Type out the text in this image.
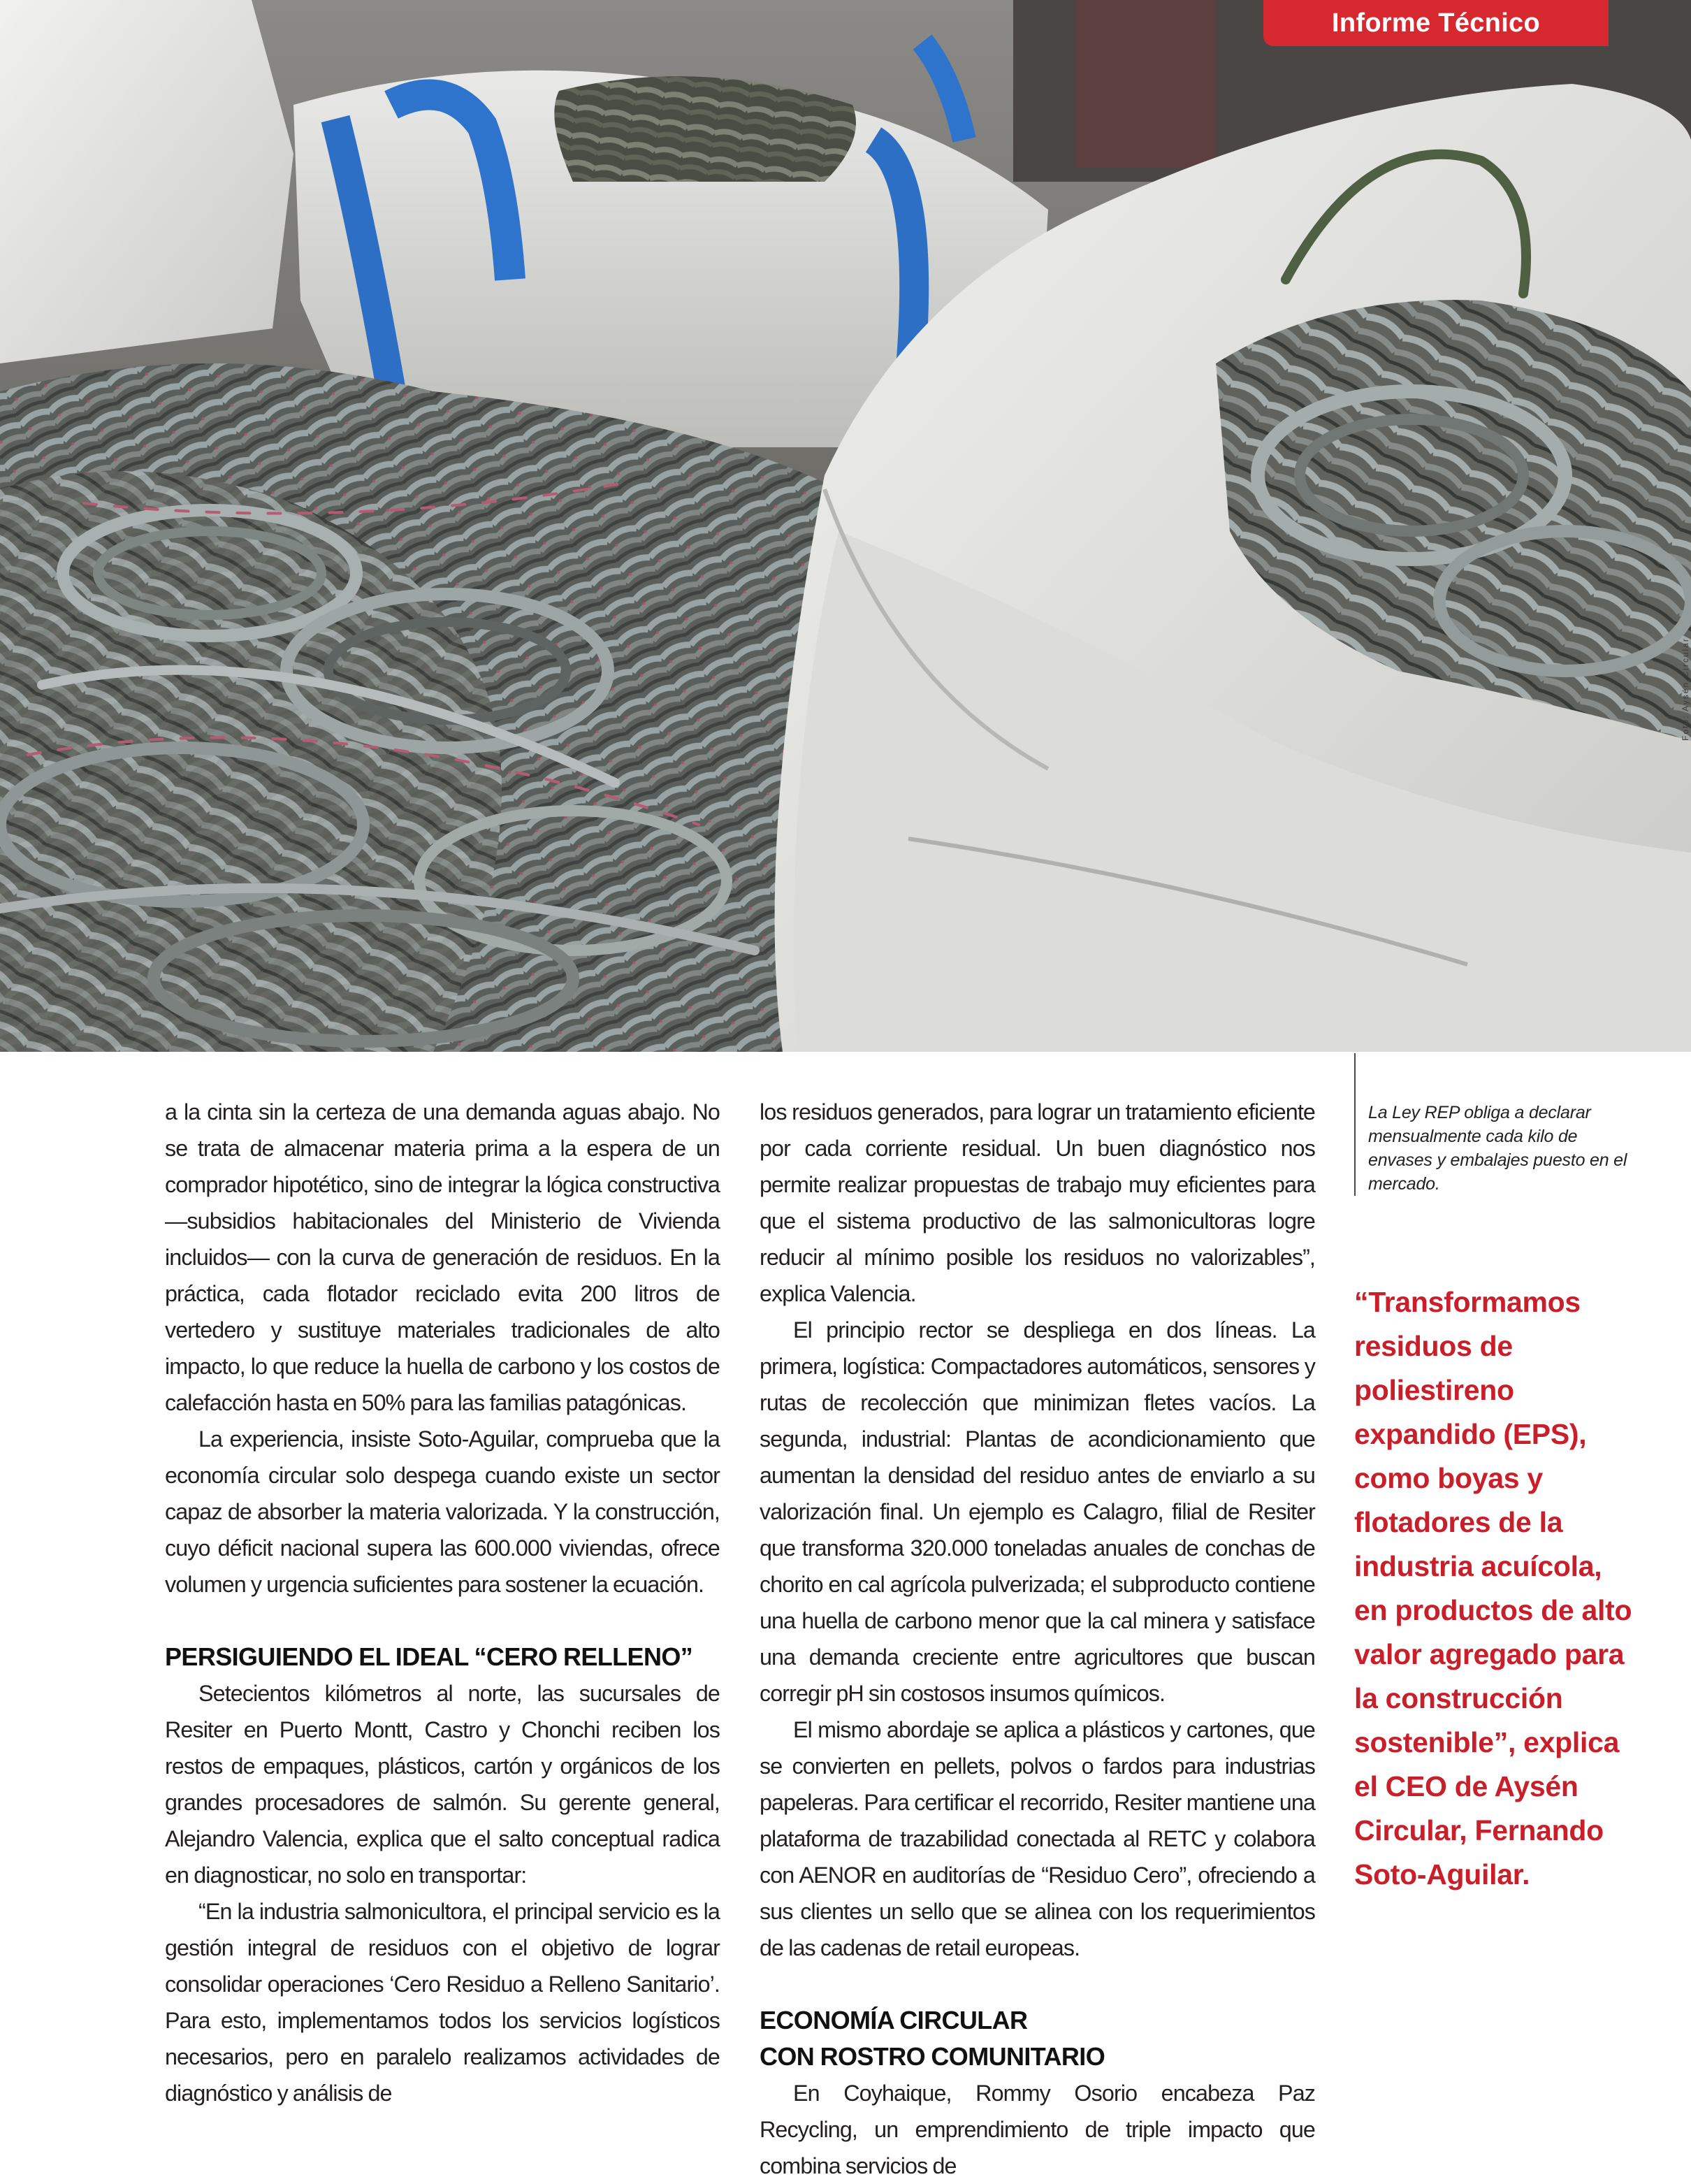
Informe Técnico
Foto: Aysén Circular

a la cinta sin la certeza de una demanda aguas abajo. No se trata de almacenar materia prima a la espera de un comprador hipotético, sino de integrar la lógica constructiva —subsidios habitacionales del Ministerio de Vivienda incluidos— con la curva de generación de residuos. En la práctica, cada flotador reciclado evita 200 litros de vertedero y sustituye materiales tradicionales de alto impacto, lo que reduce la huella de carbono y los costos de calefacción hasta en 50% para las familias patagónicas.

La experiencia, insiste Soto-Aguilar, comprueba que la economía circular solo despega cuando existe un sector capaz de absorber la materia valorizada. Y la construcción, cuyo déficit nacional supera las 600.000 viviendas, ofrece volumen y urgencia suficientes para sostener la ecuación.

PERSIGUIENDO EL IDEAL “CERO RELLENO”

Setecientos kilómetros al norte, las sucursales de Resiter en Puerto Montt, Castro y Chonchi reciben los restos de empaques, plásticos, cartón y orgánicos de los grandes procesadores de salmón. Su gerente general, Alejandro Valencia, explica que el salto conceptual radica en diagnosticar, no solo en transportar:

“En la industria salmonicultora, el principal servicio es la gestión integral de residuos con el objetivo de lograr consolidar operaciones ‘Cero Residuo a Relleno Sanitario’. Para esto, implementamos todos los servicios logísticos necesarios, pero en paralelo realizamos actividades de diagnóstico y análisis de

los residuos generados, para lograr un tratamiento eficiente por cada corriente residual. Un buen diagnóstico nos permite realizar propuestas de trabajo muy eficientes para que el sistema productivo de las salmonicultoras logre reducir al mínimo posible los residuos no valorizables”, explica Valencia.

El principio rector se despliega en dos líneas. La primera, logística: Compactadores automáticos, sensores y rutas de recolección que minimizan fletes vacíos. La segunda, industrial: Plantas de acondicionamiento que aumentan la densidad del residuo antes de enviarlo a su valorización final. Un ejemplo es Calagro, filial de Resiter que transforma 320.000 toneladas anuales de conchas de chorito en cal agrícola pulverizada; el subproducto contiene una huella de carbono menor que la cal minera y satisface una demanda creciente entre agricultores que buscan corregir pH sin costosos insumos químicos.

El mismo abordaje se aplica a plásticos y cartones, que se convierten en pellets, polvos o fardos para industrias papeleras. Para certificar el recorrido, Resiter mantiene una plataforma de trazabilidad conectada al RETC y colabora con AENOR en auditorías de “Residuo Cero”, ofreciendo a sus clientes un sello que se alinea con los requerimientos de las cadenas de retail europeas.

ECONOMÍA CIRCULAR
CON ROSTRO COMUNITARIO

En Coyhaique, Rommy Osorio encabeza Paz Recycling, un emprendimiento de triple impacto que combina servicios de

La Ley REP obliga a declarar mensualmente cada kilo de envases y embalajes puesto en el mercado.

“Transformamos residuos de poliestireno expandido (EPS), como boyas y flotadores de la industria acuícola, en productos de alto valor agregado para la construcción sostenible”, explica el CEO de Aysén Circular, Fernando Soto-Aguilar.
